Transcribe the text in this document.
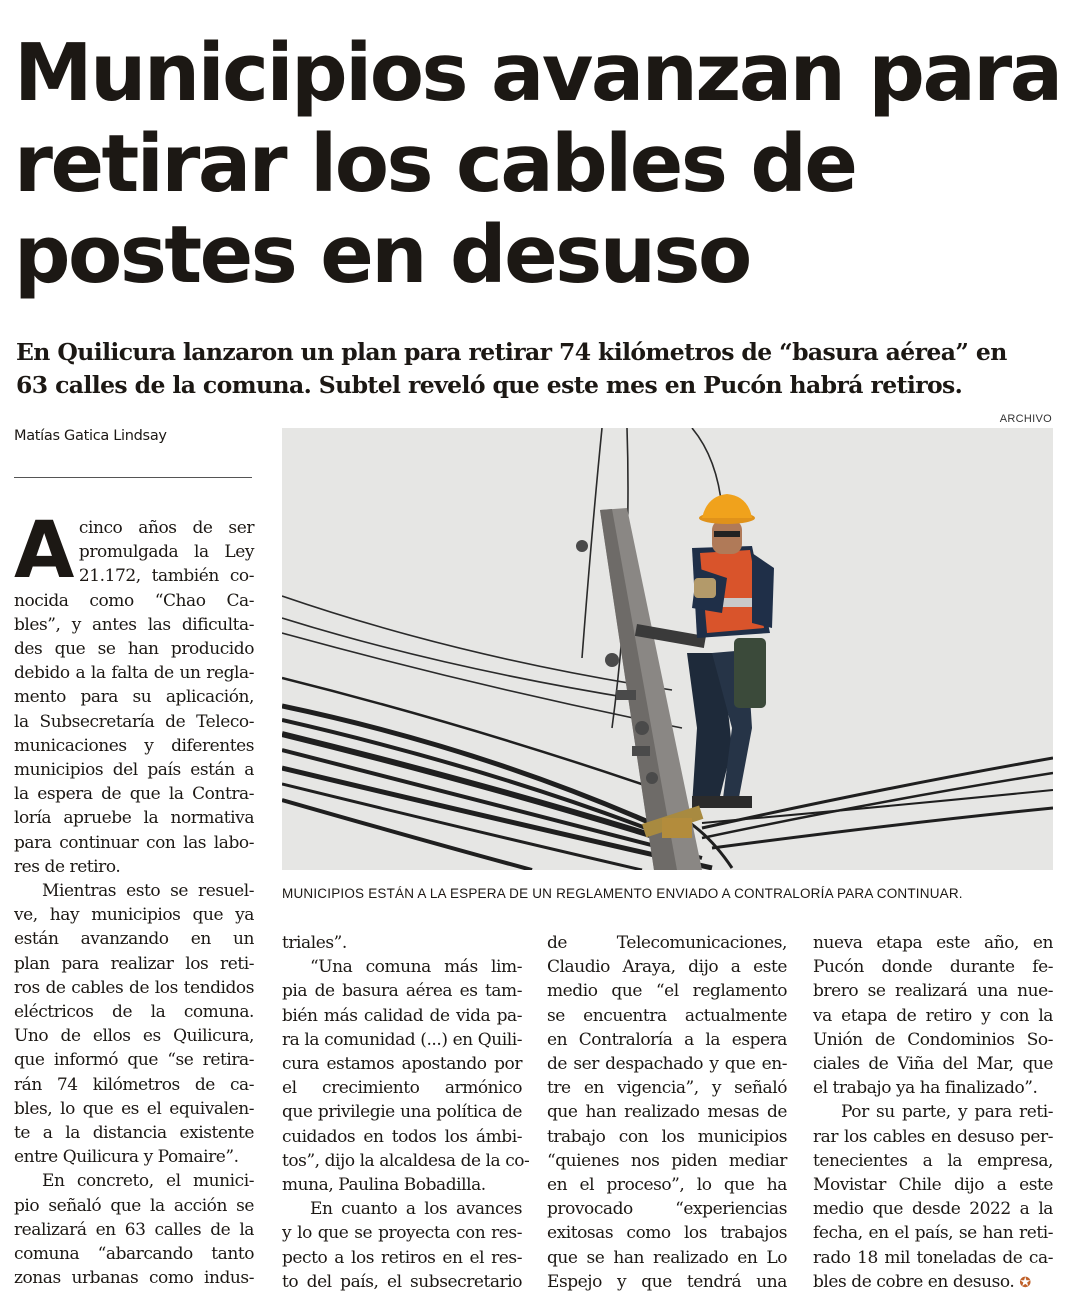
Municipios avanzan para
retirar los cables de
postes en desuso

En Quilicura lanzaron un plan para retirar 74 kilómetros de “basura aérea” en
63 calles de la comuna. Subtel reveló que este mes en Pucón habrá retiros.

ARCHIVO
Matías Gatica Lindsay
MUNICIPIOS ESTÁN A LA ESPERA DE UN REGLAMENTO ENVIADO A CONTRALORÍA PARA CONTINUAR.
A cinco años de ser
promulgada la Ley
21.172, también co-
nocida como “Chao Ca-
bles”, y antes las dificulta-
des que se han producido
debido a la falta de un regla-
mento para su aplicación,
la Subsecretaría de Teleco-
municaciones y diferentes
municipios del país están a
la espera de que la Contra-
loría apruebe la normativa
para continuar con las labo-
res de retiro.
Mientras esto se resuel-
ve, hay municipios que ya
están avanzando en un
plan para realizar los reti-
ros de cables de los tendidos
eléctricos de la comuna.
Uno de ellos es Quilicura,
que informó que “se retira-
rán 74 kilómetros de ca-
bles, lo que es el equivalen-
te a la distancia existente
entre Quilicura y Pomaire”.
En concreto, el munici-
pio señaló que la acción se
realizará en 63 calles de la
comuna “abarcando tanto
zonas urbanas como indus-
triales”.
“Una comuna más lim-
pia de basura aérea es tam-
bién más calidad de vida pa-
ra la comunidad (...) en Quili-
cura estamos apostando por
el crecimiento armónico
que privilegie una política de
cuidados en todos los ámbi-
tos”, dijo la alcaldesa de la co-
muna, Paulina Bobadilla.
En cuanto a los avances
y lo que se proyecta con res-
pecto a los retiros en el res-
to del país, el subsecretario
de Telecomunicaciones,
Claudio Araya, dijo a este
medio que “el reglamento
se encuentra actualmente
en Contraloría a la espera
de ser despachado y que en-
tre en vigencia”, y señaló
que han realizado mesas de
trabajo con los municipios
“quienes nos piden mediar
en el proceso”, lo que ha
provocado “experiencias
exitosas como los trabajos
que se han realizado en Lo
Espejo y que tendrá una
nueva etapa este año, en
Pucón donde durante fe-
brero se realizará una nue-
va etapa de retiro y con la
Unión de Condominios So-
ciales de Viña del Mar, que
el trabajo ya ha finalizado”.
Por su parte, y para reti-
rar los cables en desuso per-
tenecientes a la empresa,
Movistar Chile dijo a este
medio que desde 2022 a la
fecha, en el país, se han reti-
rado 18 mil toneladas de ca-
bles de cobre en desuso. ✪
